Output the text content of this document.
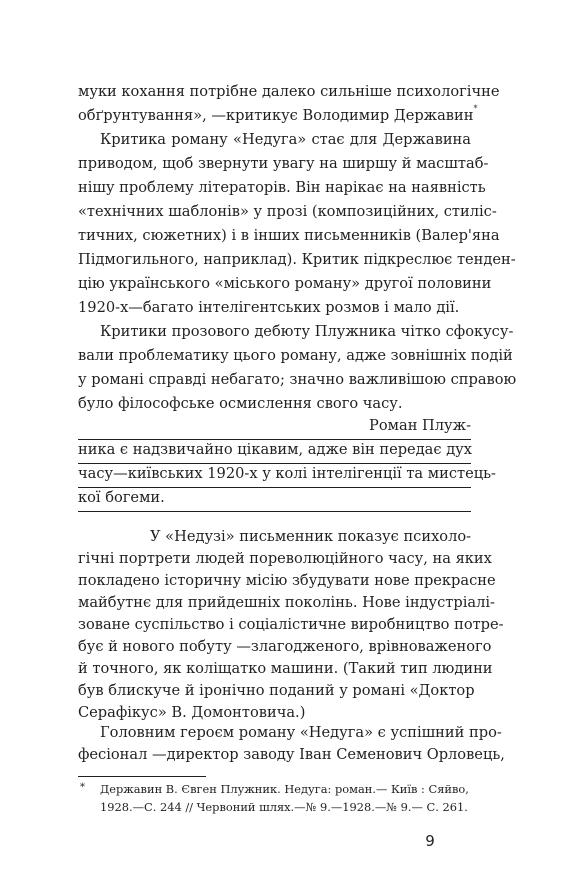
муки кохання потрібне далеко сильніше психологічне
обґрунтування», —критикує Володимир Державин*
Критика роману «Недуга» стає для Державина
приводом, щоб звернути увагу на ширшу й масштаб-
нішу проблему літераторів. Він нарікає на наявність
«технічних шаблонів» у прозі (композиційних, стиліс-
тичних, сюжетних) і в інших письменників (Валер'яна
Підмогильного, наприклад). Критик підкреслює тенден-
цію українського «міського роману» другої половини
1920-х—багато інтелігентських розмов і мало дії.
Критики прозового дебюту Плужника чітко сфокусу-
вали проблематику цього роману, адже зовнішніх подій
у романі справді небагато; значно важливішою справою
було філософське осмислення свого часу.
Роман Плуж-
ника є надзвичайно цікавим, адже він передає дух
часу—київських 1920-х у колі інтелігенції та мистець-
кої богеми.
У «Недузі» письменник показує психоло-
гічні портрети людей пореволюційного часу, на яких
покладено історичну місію збудувати нове прекрасне
майбутнє для прийдешніх поколінь. Нове індустріалі-
зоване суспільство і соціалістичне виробництво потре-
бує й нового побуту —злагодженого, врівноваженого
й точного, як коліщатко машини. (Такий тип людини
був блискуче й іронічно поданий у романі «Доктор
Серафікус» В. Домонтовича.)
Головним героєм роману «Недуга» є успішний про-
фесіонал —директор заводу Іван Семенович Орловець,
* Державин В. Євген Плужник. Недуга: роман.— Київ : Сяйво,
1928.—С. 244 // Червоний шлях.—№ 9.—1928.—№ 9.— С. 261.
9
